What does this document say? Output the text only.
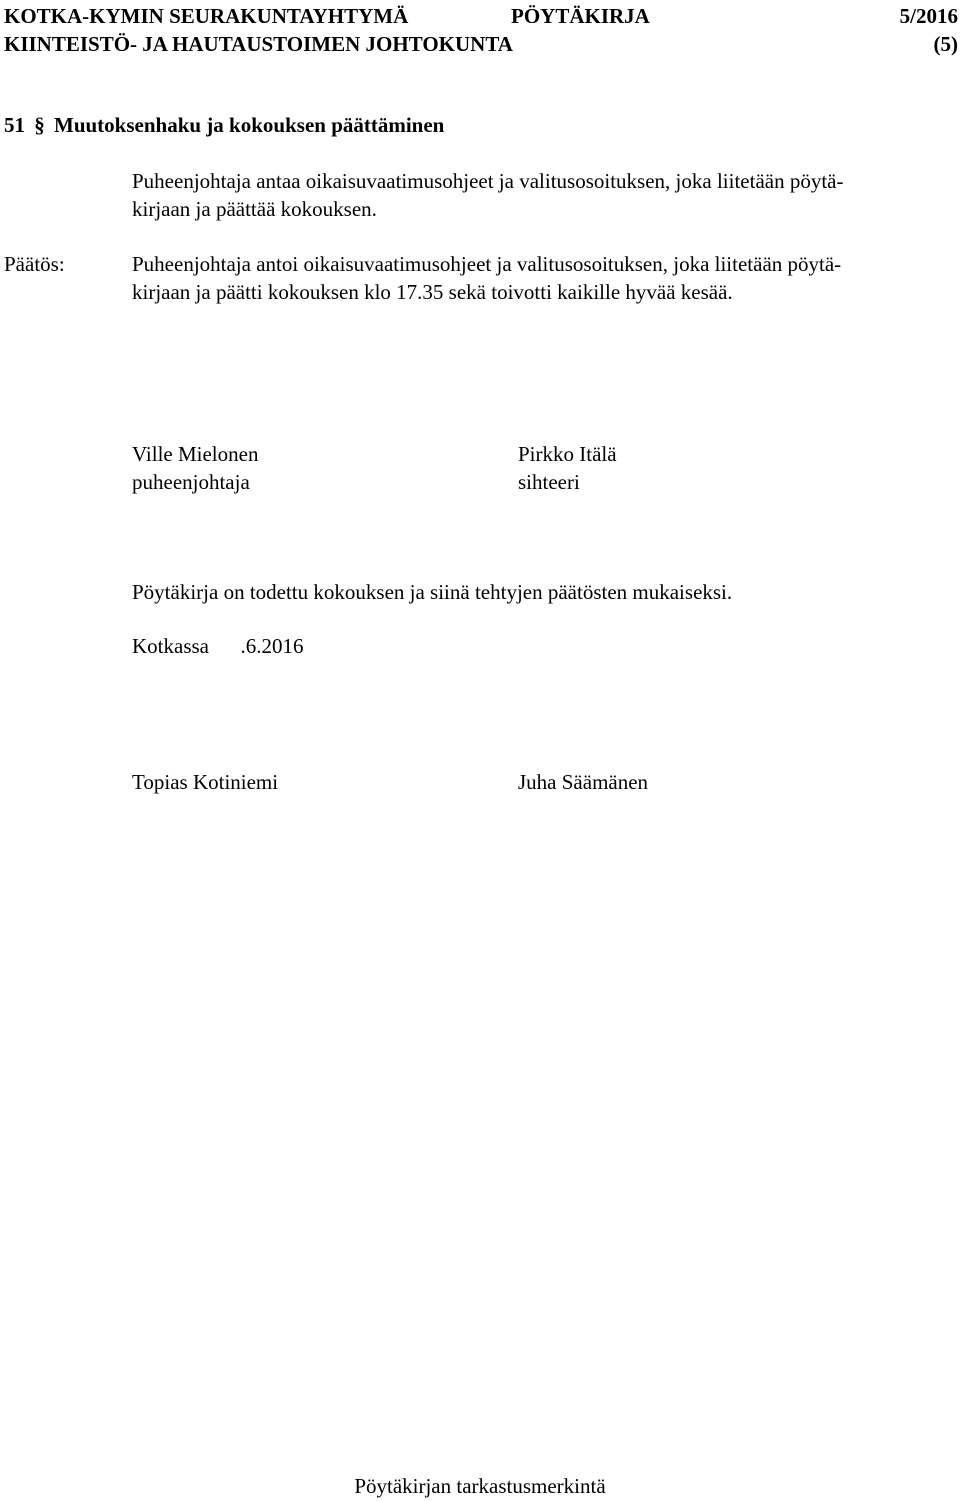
KOTKA-KYMIN SEURAKUNTAYHTYMÄ	PÖYTÄKIRJA	5/2016
KIINTEISTÖ- JA HAUTAUSTOIMEN JOHTOKUNTA	(5)
51 § Muutoksenhaku ja kokouksen päättäminen
Puheenjohtaja antaa oikaisuvaatimusohjeet ja valitusosoituksen, joka liitetään pöytä-
kirjaan ja päättää kokouksen.
Päätös:	Puheenjohtaja antoi oikaisuvaatimusohjeet ja valitusosoituksen, joka liitetään pöytä-
kirjaan ja päätti kokouksen klo 17.35 sekä toivotti kaikille hyvää kesää.
Ville Mielonen
puheenjohtaja
Pirkko Itälä
sihteeri
Pöytäkirja on todettu kokouksen ja siinä tehtyjen päätösten mukaiseksi.
Kotkassa      .6.2016
Topias Kotiniemi	Juha Säämänen
Pöytäkirjan tarkastusmerkintä
